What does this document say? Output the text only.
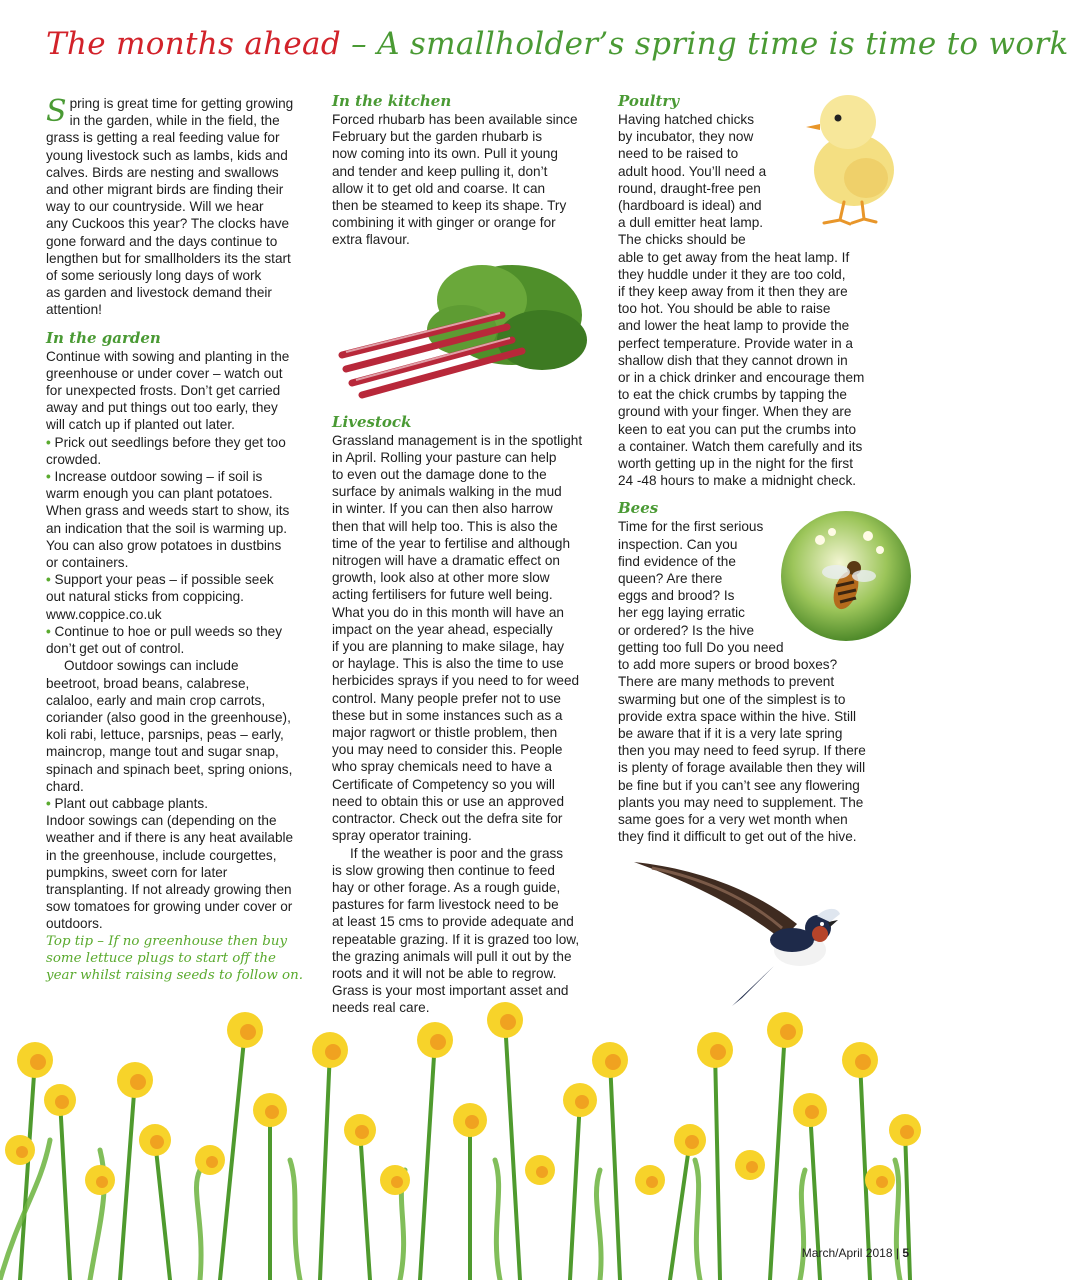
The months ahead – A smallholder’s spring time is time to work

S pring is great time for getting growing
in the garden, while in the field, the
grass is getting a real feeding value for
young livestock such as lambs, kids and
calves. Birds are nesting and swallows
and other migrant birds are finding their
way to our countryside. Will we hear
any Cuckoos this year? The clocks have
gone forward and the days continue to
lengthen but for smallholders its the start
of some seriously long days of work
as garden and livestock demand their
attention!

In the garden

Continue with sowing and planting in the
greenhouse or under cover – watch out
for unexpected frosts. Don’t get carried
away and put things out too early, they
will catch up if planted out later.
• Prick out seedlings before they get too
crowded.
• Increase outdoor sowing – if soil is
warm enough you can plant potatoes.
When grass and weeds start to show, its
an indication that the soil is warming up.
You can also grow potatoes in dustbins
or containers.
• Support your peas – if possible seek
out natural sticks from coppicing.
www.coppice.co.uk
• Continue to hoe or pull weeds so they
don’t get out of control.
Outdoor sowings can include
beetroot, broad beans, calabrese,
calaloo, early and main crop carrots,
coriander (also good in the greenhouse),
koli rabi, lettuce, parsnips, peas – early,
maincrop, mange tout and sugar snap,
spinach and spinach beet, spring onions,
chard.
• Plant out cabbage plants.
Indoor sowings can (depending on the
weather and if there is any heat available
in the greenhouse, include courgettes,
pumpkins, sweet corn for later
transplanting. If not already growing then
sow tomatoes for growing under cover or
outdoors.

Top tip – If no greenhouse then buy
some lettuce plugs to start off the
year whilst raising seeds to follow on.

In the kitchen

Forced rhubarb has been available since
February but the garden rhubarb is
now coming into its own. Pull it young
and tender and keep pulling it, don’t
allow it to get old and coarse. It can
then be steamed to keep its shape. Try
combining it with ginger or orange for
extra flavour.

Livestock

Grassland management is in the spotlight
in April. Rolling your pasture can help
to even out the damage done to the
surface by animals walking in the mud
in winter. If you can then also harrow
then that will help too. This is also the
time of the year to fertilise and although
nitrogen will have a dramatic effect on
growth, look also at other more slow
acting fertilisers for future well being.
What you do in this month will have an
impact on the year ahead, especially
if you are planning to make silage, hay
or haylage. This is also the time to use
herbicides sprays if you need to for weed
control. Many people prefer not to use
these but in some instances such as a
major ragwort or thistle problem, then
you may need to consider this. People
who spray chemicals need to have a
Certificate of Competency so you will
need to obtain this or use an approved
contractor. Check out the defra site for
spray operator training.
If the weather is poor and the grass
is slow growing then continue to feed
hay or other forage. As a rough guide,
pastures for farm livestock need to be
at least 15 cms to provide adequate and
repeatable grazing. If it is grazed too low,
the grazing animals will pull it out by the
roots and it will not be able to regrow.
Grass is your most important asset and
needs real care.

Poultry

Having hatched chicks
by incubator, they now
need to be raised to
adult hood. You’ll need a
round, draught-free pen
(hardboard is ideal) and
a dull emitter heat lamp.
The chicks should be
able to get away from the heat lamp. If
they huddle under it they are too cold,
if they keep away from it then they are
too hot. You should be able to raise
and lower the heat lamp to provide the
perfect temperature. Provide water in a
shallow dish that they cannot drown in
or in a chick drinker and encourage them
to eat the chick crumbs by tapping the
ground with your finger. When they are
keen to eat you can put the crumbs into
a container. Watch them carefully and its
worth getting up in the night for the first
24 -48 hours to make a midnight check.

Bees

Time for the first serious
inspection. Can you
find evidence of the
queen? Are there
eggs and brood? Is
her egg laying erratic
or ordered? Is the hive
getting too full Do you need
to add more supers or brood boxes?
There are many methods to prevent
swarming but one of the simplest is to
provide extra space within the hive. Still
be aware that if it is a very late spring
then you may need to feed syrup. If there
is plenty of forage available then they will
be fine but if you can’t see any flowering
plants you may need to supplement. The
same goes for a very wet month when
they find it difficult to get out of the hive.

March/April 2018 | 5
